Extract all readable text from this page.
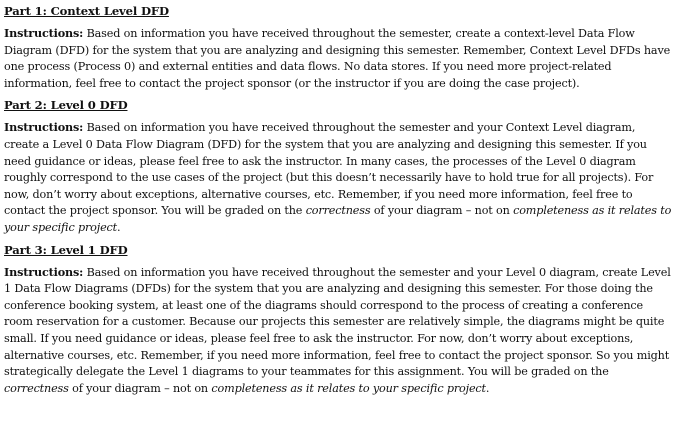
Part 1: Context Level DFD

Instructions: Based on information you have received throughout the semester, create a context-level Data Flow Diagram (DFD) for the system that you are analyzing and designing this semester. Remember, Context Level DFDs have one process (Process 0) and external entities and data flows. No data stores. If you need more project-related information, feel free to contact the project sponsor (or the instructor if you are doing the case project).

Part 2: Level 0 DFD

Instructions: Based on information you have received throughout the semester and your Context Level diagram, create a Level 0 Data Flow Diagram (DFD) for the system that you are analyzing and designing this semester. If you need guidance or ideas, please feel free to ask the instructor. In many cases, the processes of the Level 0 diagram roughly correspond to the use cases of the project (but this doesn’t necessarily have to hold true for all projects). For now, don’t worry about exceptions, alternative courses, etc. Remember, if you need more information, feel free to contact the project sponsor. You will be graded on the correctness of your diagram – not on completeness as it relates to your specific project.

Part 3: Level 1 DFD

Instructions: Based on information you have received throughout the semester and your Level 0 diagram, create Level 1 Data Flow Diagrams (DFDs) for the system that you are analyzing and designing this semester. For those doing the conference booking system, at least one of the diagrams should correspond to the process of creating a conference room reservation for a customer. Because our projects this semester are relatively simple, the diagrams might be quite small. If you need guidance or ideas, please feel free to ask the instructor. For now, don’t worry about exceptions, alternative courses, etc. Remember, if you need more information, feel free to contact the project sponsor. So you might strategically delegate the Level 1 diagrams to your teammates for this assignment. You will be graded on the correctness of your diagram – not on completeness as it relates to your specific project.
